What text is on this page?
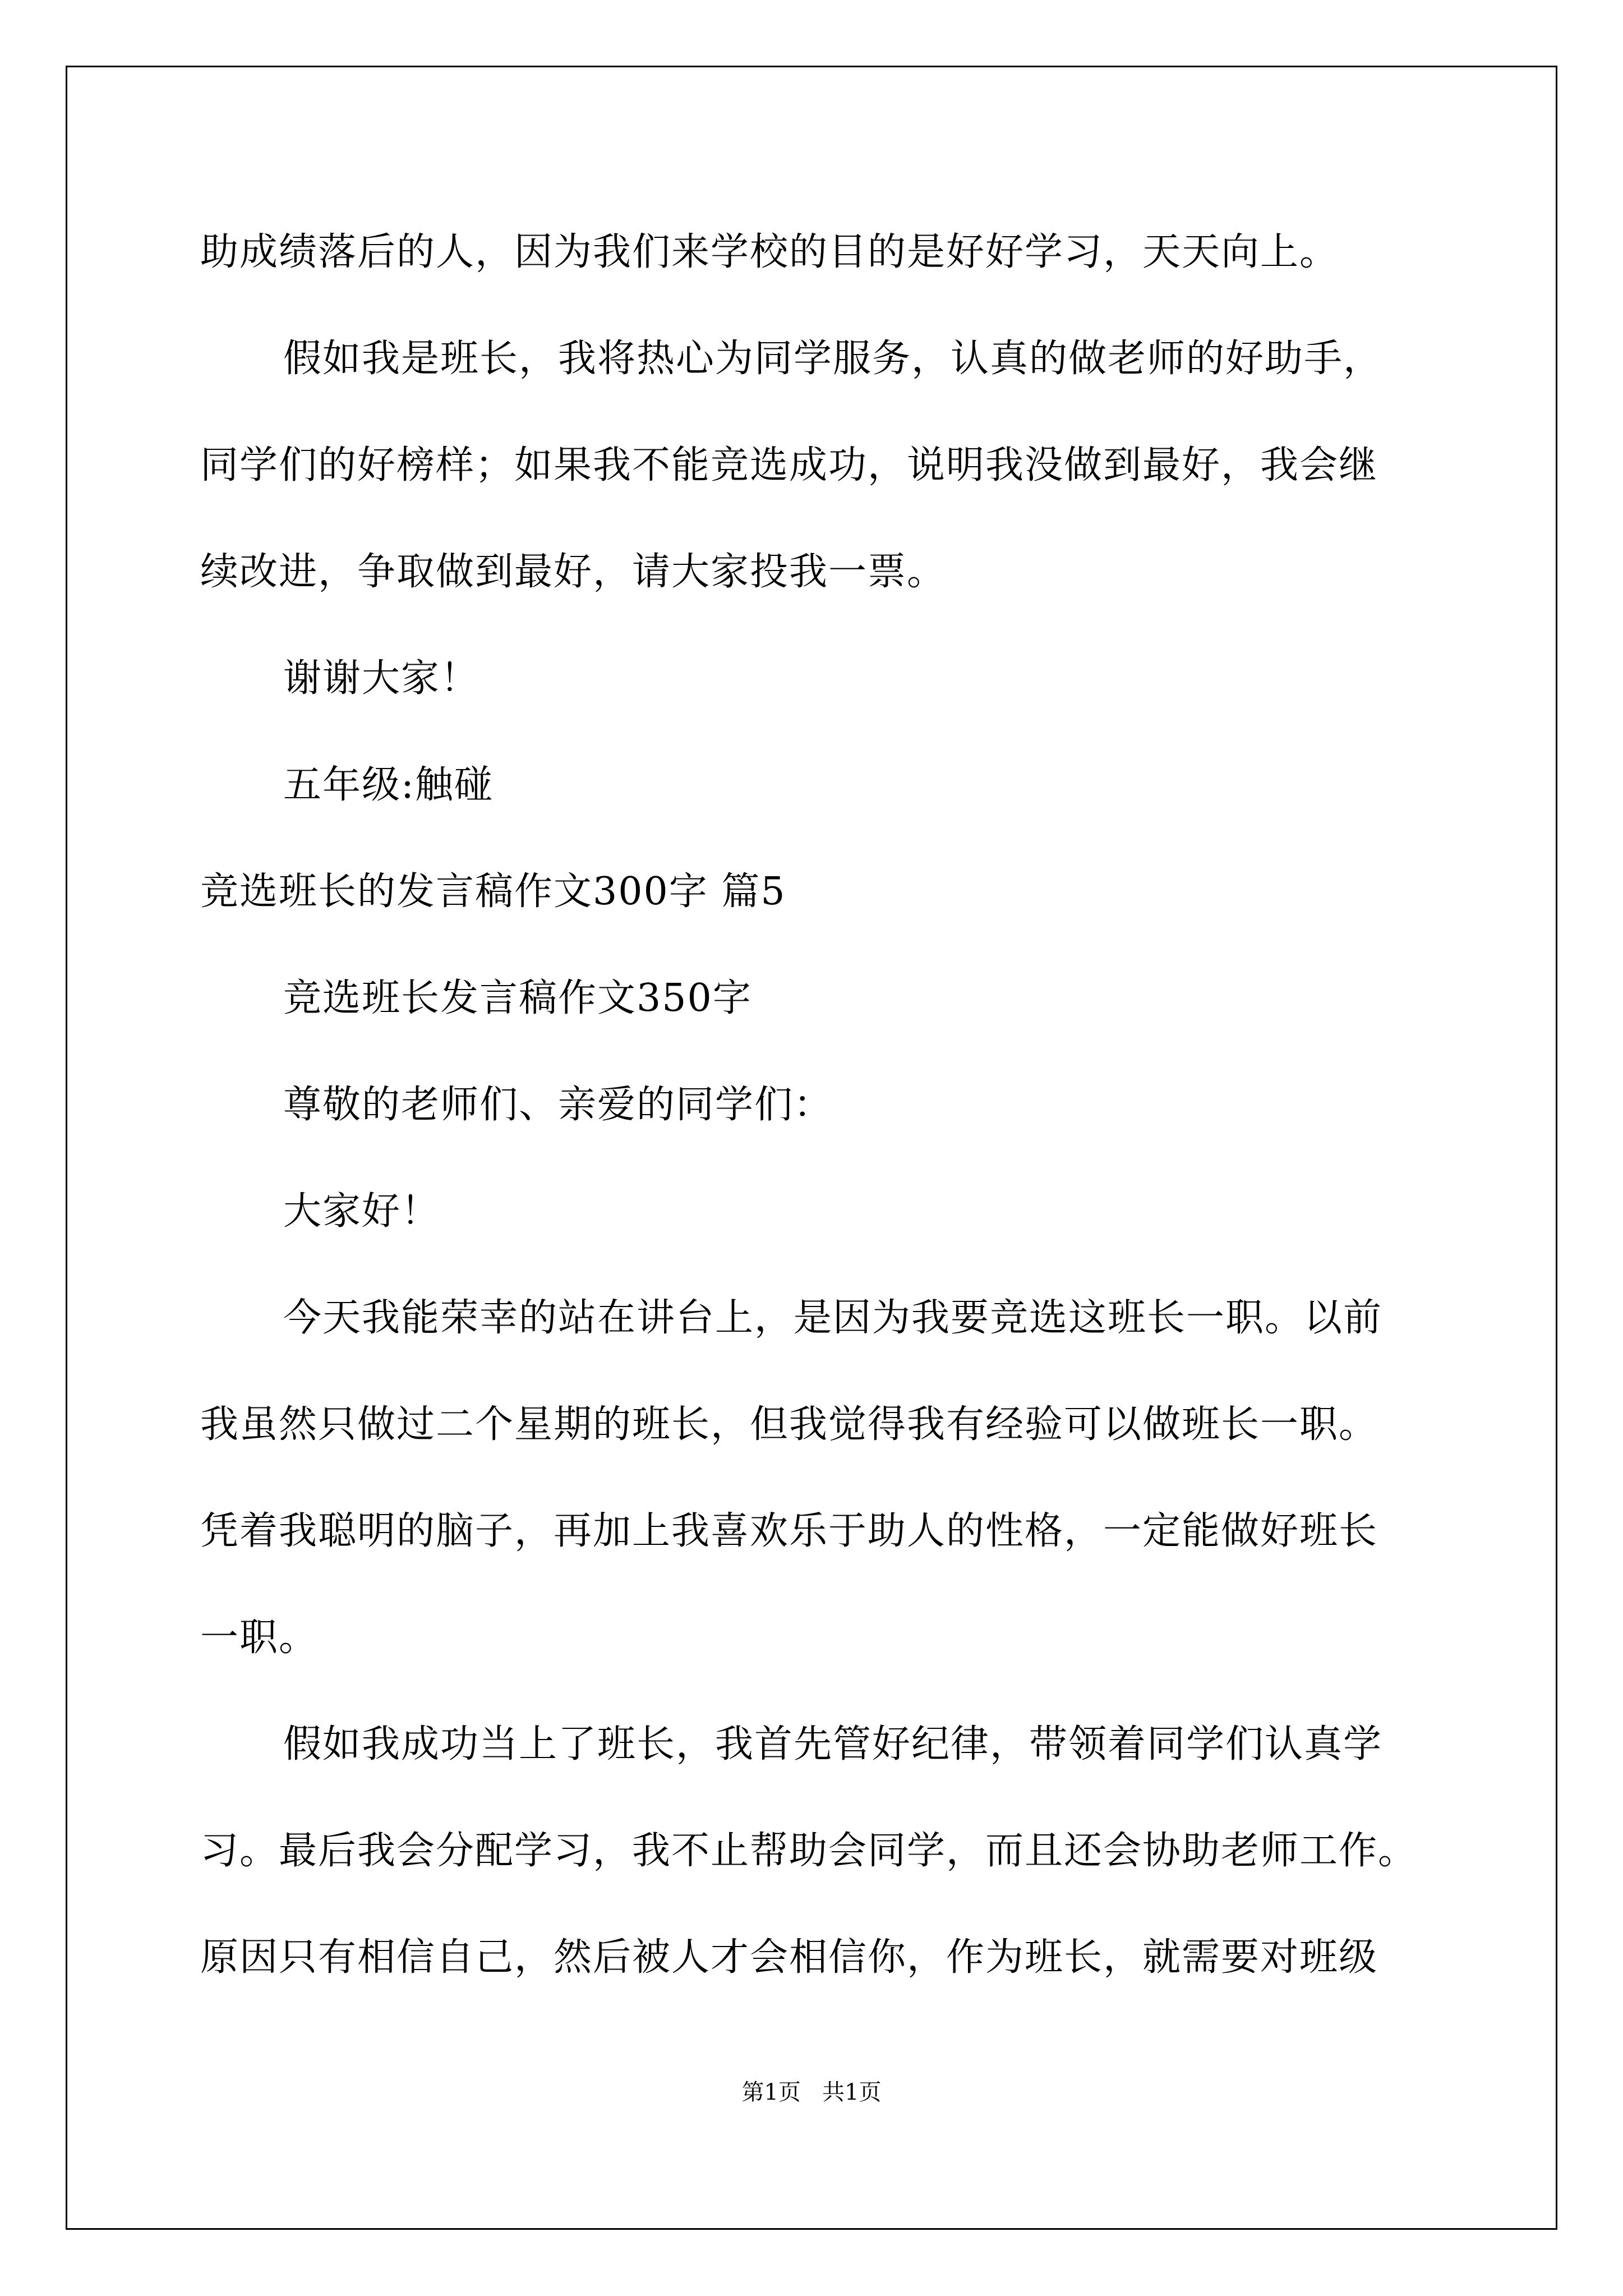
助成绩落后的人，因为我们来学校的目的是好好学习，天天向上。
假如我是班长，我将热心为同学服务，认真的做老师的好助手，
同学们的好榜样；如果我不能竞选成功，说明我没做到最好，我会继
续改进，争取做到最好，请大家投我一票。
谢谢大家！
五年级:触碰
竞选班长的发言稿作文300字 篇5
竞选班长发言稿作文350字
尊敬的老师们、亲爱的同学们：
大家好！
今天我能荣幸的站在讲台上，是因为我要竞选这班长一职。以前
我虽然只做过二个星期的班长，但我觉得我有经验可以做班长一职。
凭着我聪明的脑子，再加上我喜欢乐于助人的性格，一定能做好班长
一职。
假如我成功当上了班长，我首先管好纪律，带领着同学们认真学
习。最后我会分配学习，我不止帮助会同学，而且还会协助老师工作。
原因只有相信自己，然后被人才会相信你，作为班长，就需要对班级
第1页   共1页
